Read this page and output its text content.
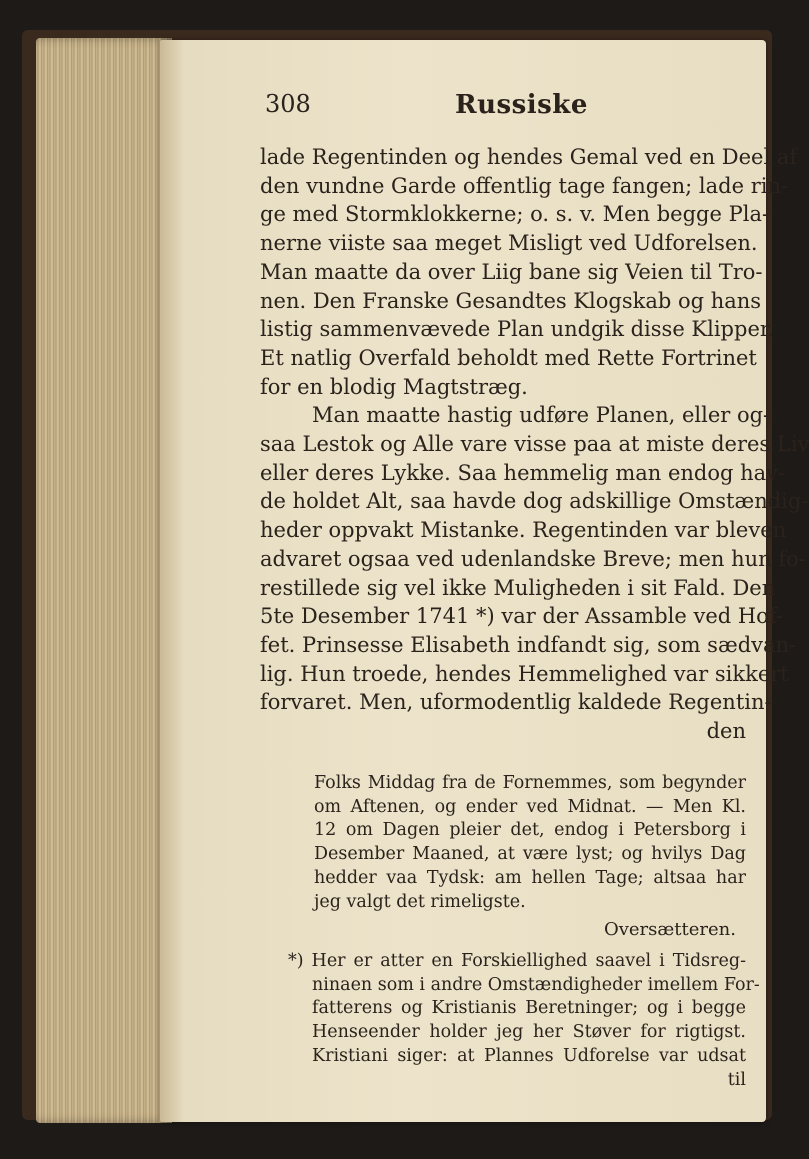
308	Russiske
lade Regentinden og hendes Gemal ved en Deel af
den vundne Garde offentlig tage fangen; lade rin-
ge med Stormklokkerne; o. s. v. Men begge Pla-
nerne viiste saa meget Misligt ved Udforelsen.
Man maatte da over Liig bane sig Veien til Tro-
nen. Den Franske Gesandtes Klogskab og hans
listig sammenvævede Plan undgik disse Klipper.
Et natlig Overfald beholdt med Rette Fortrinet
for en blodig Magtstræg.
Man maatte hastig udføre Planen, eller og-
saa Lestok og Alle vare visse paa at miste deres Liv
eller deres Lykke. Saa hemmelig man endog hav-
de holdet Alt, saa havde dog adskillige Omstændig-
heder oppvakt Mistanke. Regentinden var bleven
advaret ogsaa ved udenlandske Breve; men hun fo-
restillede sig vel ikke Muligheden i sit Fald. Den
5te Desember 1741 *) var der Assamble ved Hof-
fet. Prinsesse Elisabeth indfandt sig, som sædvan-
lig. Hun troede, hendes Hemmelighed var sikkert
forvaret. Men, uformodentlig kaldede Regentin-
den
Folks Middag fra de Fornemmes, som begynder
om Aftenen, og ender ved Midnat. — Men Kl.
12 om Dagen pleier det, endog i Petersborg i
Desember Maaned, at være lyst; og hvilys Dag
hedder vaa Tydsk: am hellen Tage; altsaa har
jeg valgt det rimeligste.
Oversætteren.
*) Her er atter en Forskiellighed saavel i Tidsreg-
ninaen som i andre Omstændigheder imellem For-
fatterens og Kristianis Beretninger; og i begge
Henseender holder jeg her Støver for rigtigst.
Kristiani siger: at Plannes Udforelse var udsat
til
